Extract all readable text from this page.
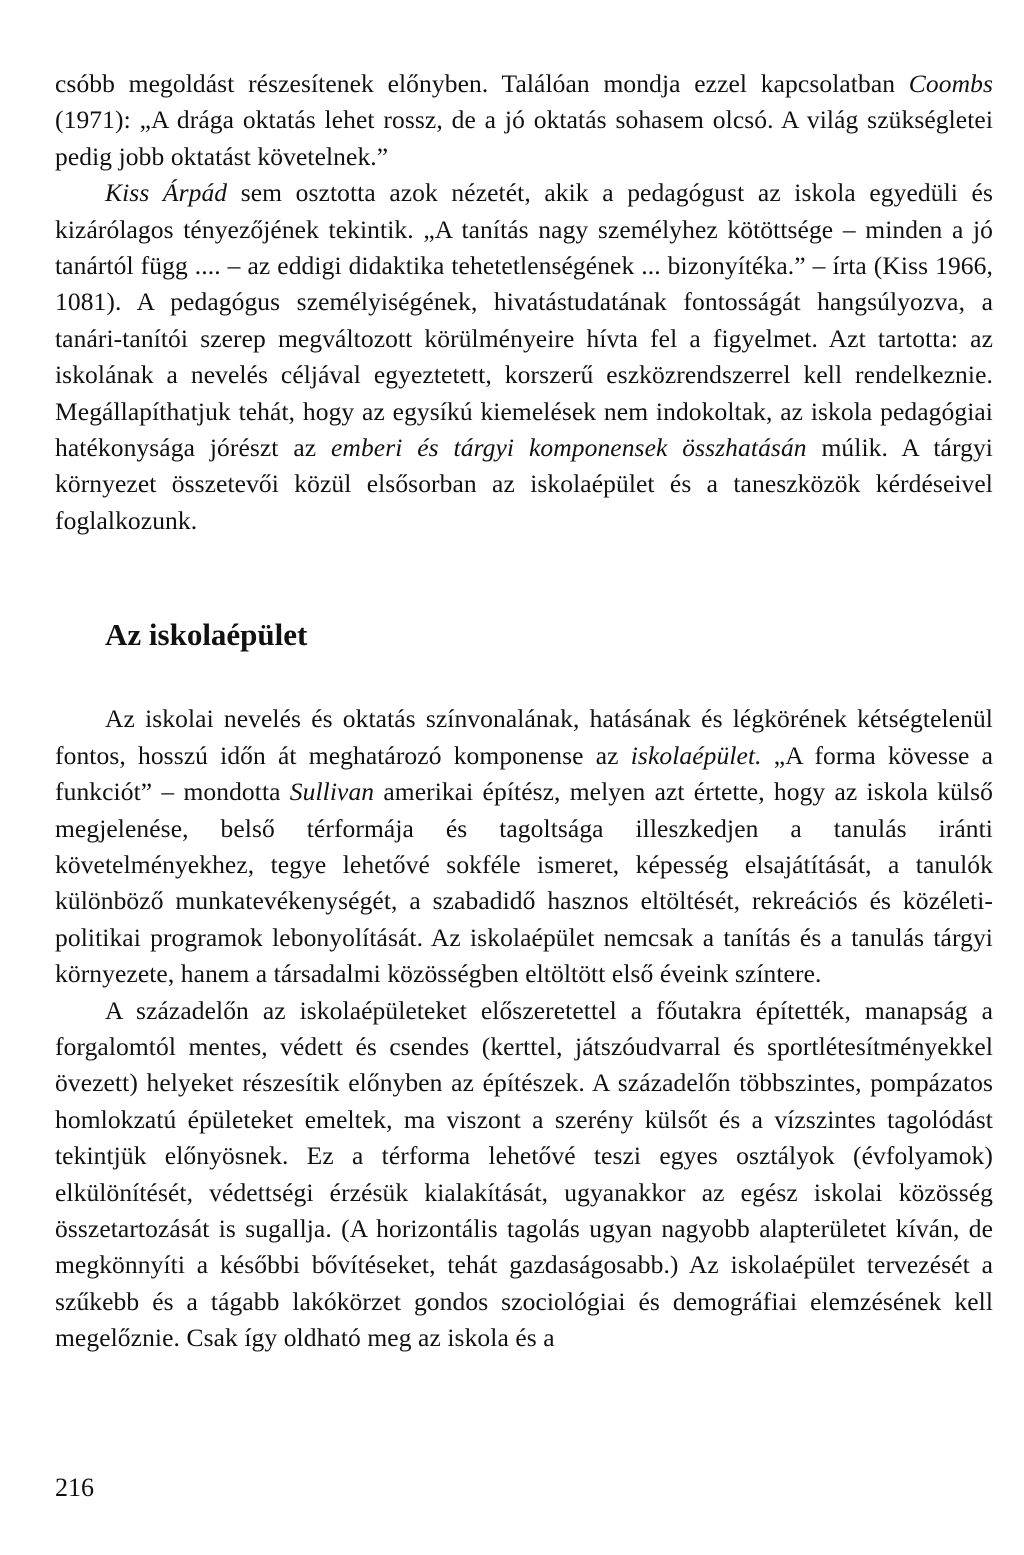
csóbb megoldást részesítenek előnyben. Találóan mondja ezzel kapcsolatban Coombs (1971): „A drága oktatás lehet rossz, de a jó oktatás sohasem olcsó. A világ szükségletei pedig jobb oktatást követelnek.”

Kiss Árpád sem osztotta azok nézetét, akik a pedagógust az iskola egyedüli és kizárólagos tényezőjének tekintik. „A tanítás nagy személyhez kötöttsége – minden a jó tanártól függ .... – az eddigi didaktika tehetetlenségének ... bizonyítéka.” – írta (Kiss 1966, 1081). A pedagógus személyiségének, hivatástudatának fontosságát hangsúlyozva, a tanári-tanítói szerep megváltozott körülményeire hívta fel a figyelmet. Azt tartotta: az iskolának a nevelés céljával egyeztetett, korszerű eszközrendszerrel kell rendelkeznie. Megállapíthatjuk tehát, hogy az egysíkú kiemelések nem indokoltak, az iskola pedagógiai hatékonysága jórészt az emberi és tárgyi komponensek összhatásán múlik. A tárgyi környezet összetevői közül elsősorban az iskolaépület és a taneszközök kérdéseivel foglalkozunk.

Az iskolaépület

Az iskolai nevelés és oktatás színvonalának, hatásának és légkörének kétségtelenül fontos, hosszú időn át meghatározó komponense az iskolaépület. „A forma kövesse a funkciót” – mondotta Sullivan amerikai építész, melyen azt értette, hogy az iskola külső megjelenése, belső térformája és tagoltsága illeszkedjen a tanulás iránti követelményekhez, tegye lehetővé sokféle ismeret, képesség elsajátítását, a tanulók különböző munkatevékenységét, a szabadidő hasznos eltöltését, rekreációs és közéleti-politikai programok lebonyolítását. Az iskolaépület nemcsak a tanítás és a tanulás tárgyi környezete, hanem a társadalmi közösségben eltöltött első éveink színtere.

A századelőn az iskolaépületeket előszeretettel a főutakra építették, manapság a forgalomtól mentes, védett és csendes (kerttel, játszóudvarral és sportlétesítményekkel övezett) helyeket részesítik előnyben az építészek. A századelőn többszintes, pompázatos homlokzatú épületeket emeltek, ma viszont a szerény külsőt és a vízszintes tagolódást tekintjük előnyösnek. Ez a térforma lehetővé teszi egyes osztályok (évfolyamok) elkülönítését, védettségi érzésük kialakítását, ugyanakkor az egész iskolai közösség összetartozását is sugallja. (A horizontális tagolás ugyan nagyobb alapterületet kíván, de megkönnyíti a későbbi bővítéseket, tehát gazdaságosabb.) Az iskolaépület tervezését a szűkebb és a tágabb lakókörzet gondos szociológiai és demográfiai elemzésének kell megelőznie. Csak így oldható meg az iskola és a

216
